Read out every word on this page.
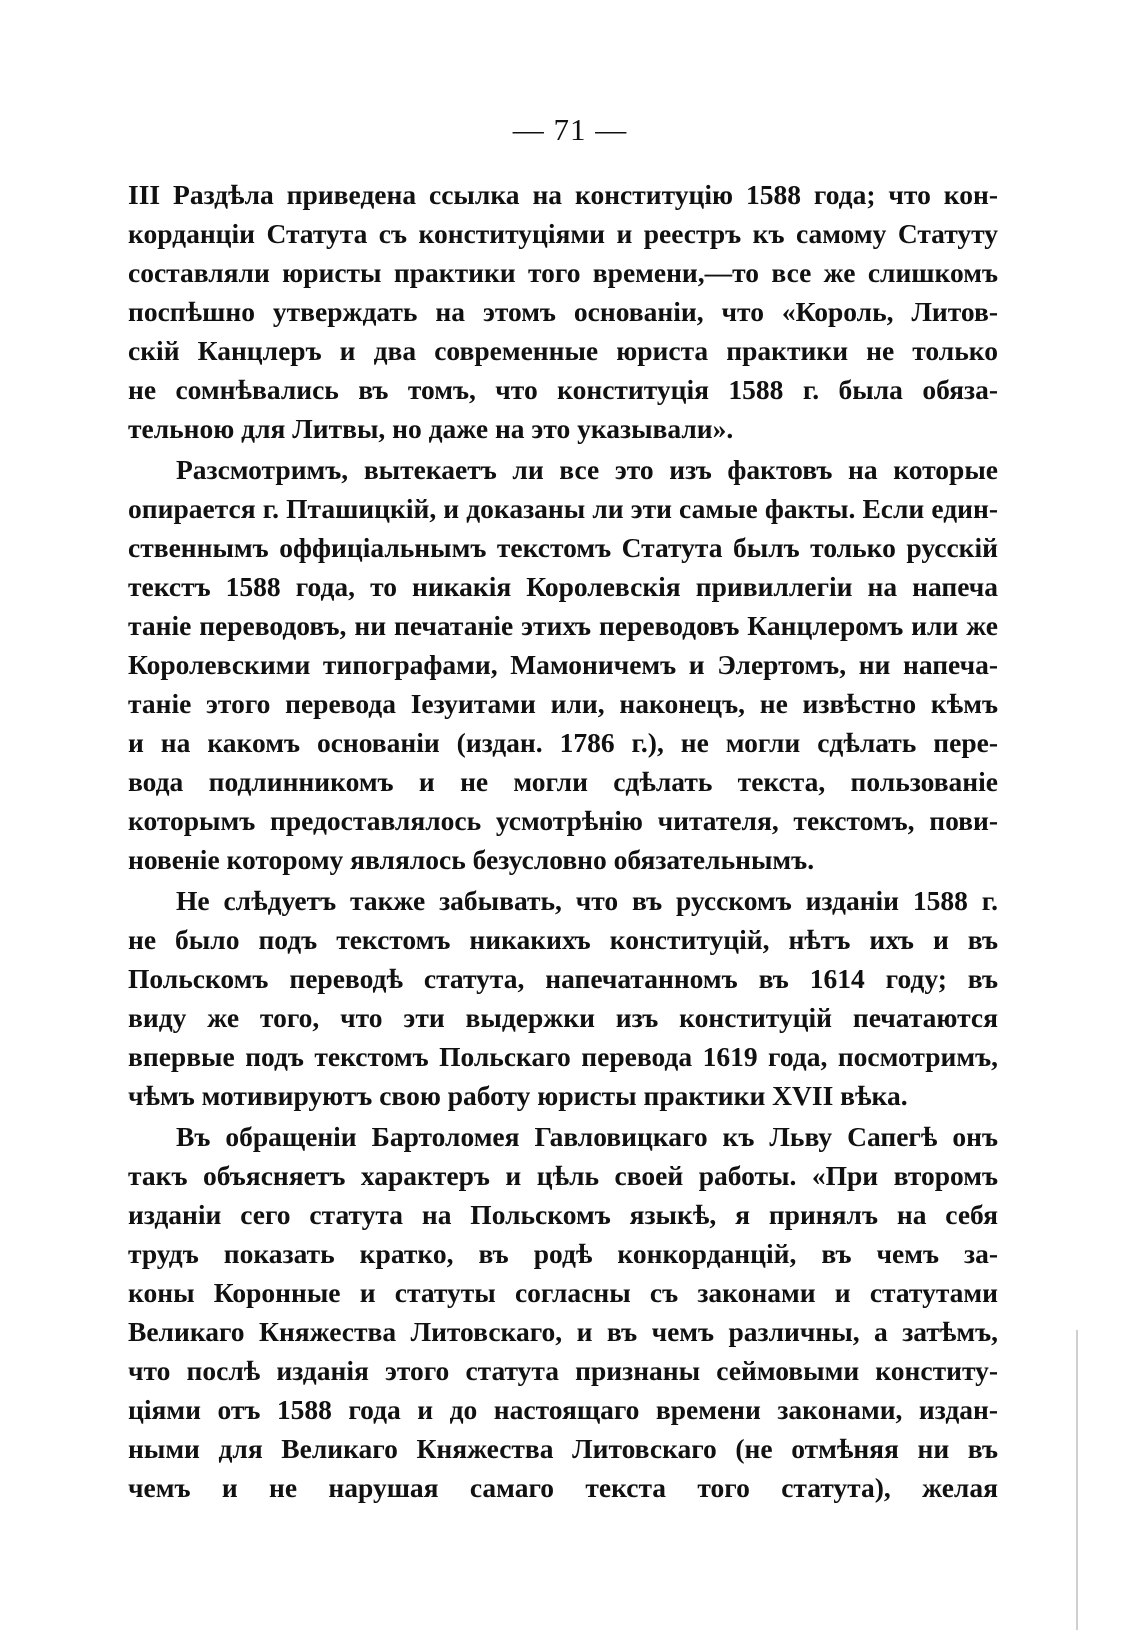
— 71 —
III Раздѣла приведена ссылка на конституцію 1588 года; что кон-
корданціи Статута съ конституціями и реестръ къ самому Статуту
составляли юристы практики того времени,—то все же слишкомъ
поспѣшно утверждать на этомъ основаніи, что «Король, Литов-
скій Канцлеръ и два современные юриста практики не только
не сомнѣвались въ томъ, что конституція 1588 г. была обяза-
тельною для Литвы, но даже на это указывали».
Разсмотримъ, вытекаетъ ли все это изъ фактовъ на которые
опирается г. Пташицкій, и доказаны ли эти самые факты. Если един-
ственнымъ оффиціальнымъ текстомъ Статута былъ только русскій
текстъ 1588 года, то никакія Королевскія привиллегіи на напеча
таніе переводовъ, ни печатаніе этихъ переводовъ Канцлеромъ или же
Королевскими типографами, Мамоничемъ и Элертомъ, ни напеча-
таніе этого перевода Іезуитами или, наконецъ, не извѣстно кѣмъ
и на какомъ основаніи (издан. 1786 г.), не могли сдѣлать пере-
вода подлинникомъ и не могли сдѣлать текста, пользованіе
которымъ предоставлялось усмотрѣнію читателя, текстомъ, пови-
новеніе которому являлось безусловно обязательнымъ.
Не слѣдуетъ также забывать, что въ русскомъ изданіи 1588 г.
не было подъ текстомъ никакихъ конституцій, нѣтъ ихъ и въ
Польскомъ переводѣ статута, напечатанномъ въ 1614 году; въ
виду же того, что эти выдержки изъ конституцій печатаются
впервые подъ текстомъ Польскаго перевода 1619 года, посмотримъ,
чѣмъ мотивируютъ свою работу юристы практики XVII вѣка.
Въ обращеніи Бартоломея Гавловицкаго къ Льву Сапегѣ онъ
такъ объясняетъ характеръ и цѣль своей работы. «При второмъ
изданіи сего статута на Польскомъ языкѣ, я принялъ на себя
трудъ показать кратко, въ родѣ конкорданцій, въ чемъ за-
коны Коронные и статуты согласны съ законами и статутами
Великаго Княжества Литовскаго, и въ чемъ различны, а затѣмъ,
что послѣ изданія этого статута признаны сеймовыми конститу-
ціями отъ 1588 года и до настоящаго времени законами, издан-
ными для Великаго Княжества Литовскаго (не отмѣняя ни въ
чемъ и не нарушая самаго текста того статута), желая
